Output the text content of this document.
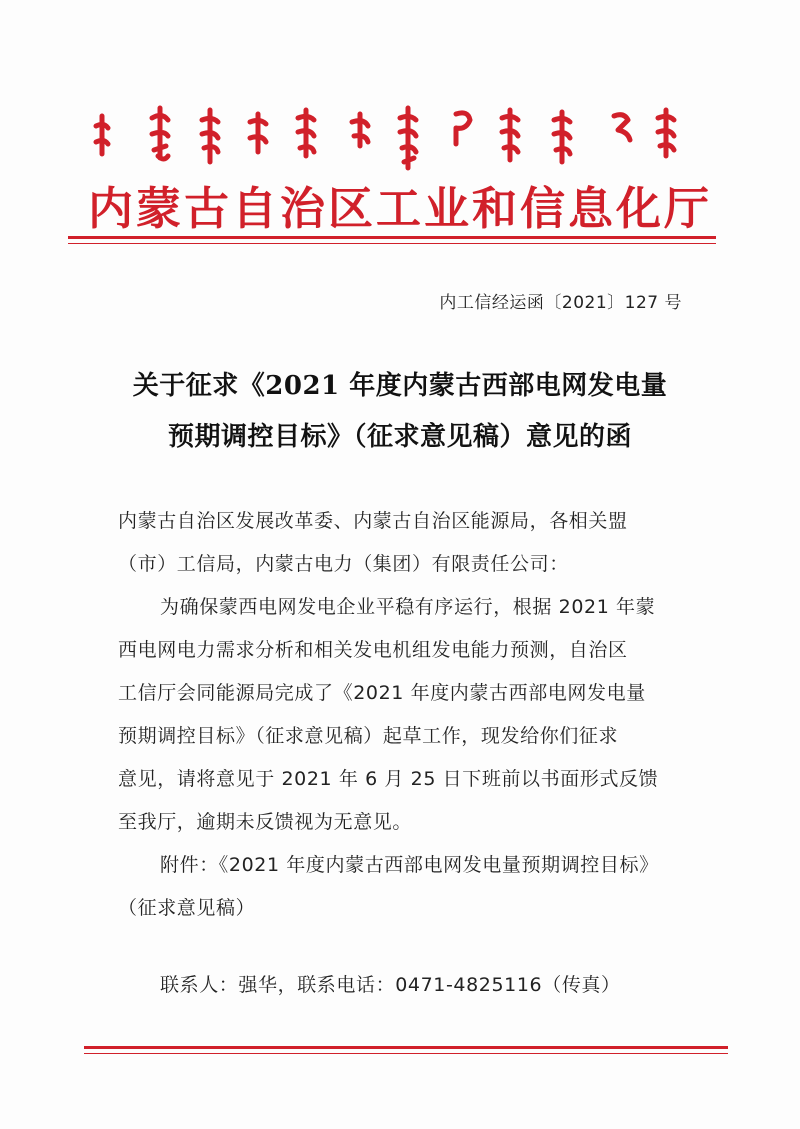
内蒙古自治区工业和信息化厅
内工信经运函〔2021〕127 号
关于征求《2021 年度内蒙古西部电网发电量
预期调控目标》（征求意见稿）意见的函
内蒙古自治区发展改革委、内蒙古自治区能源局，各相关盟
（市）工信局，内蒙古电力（集团）有限责任公司：
为确保蒙西电网发电企业平稳有序运行，根据 2021 年蒙
西电网电力需求分析和相关发电机组发电能力预测，自治区
工信厅会同能源局完成了《2021 年度内蒙古西部电网发电量
预期调控目标》（征求意见稿）起草工作，现发给你们征求
意见，请将意见于 2021 年 6 月 25 日下班前以书面形式反馈
至我厅，逾期未反馈视为无意见。
附件：《2021 年度内蒙古西部电网发电量预期调控目标》
（征求意见稿）
联系人：强华，联系电话：0471-4825116（传真）
